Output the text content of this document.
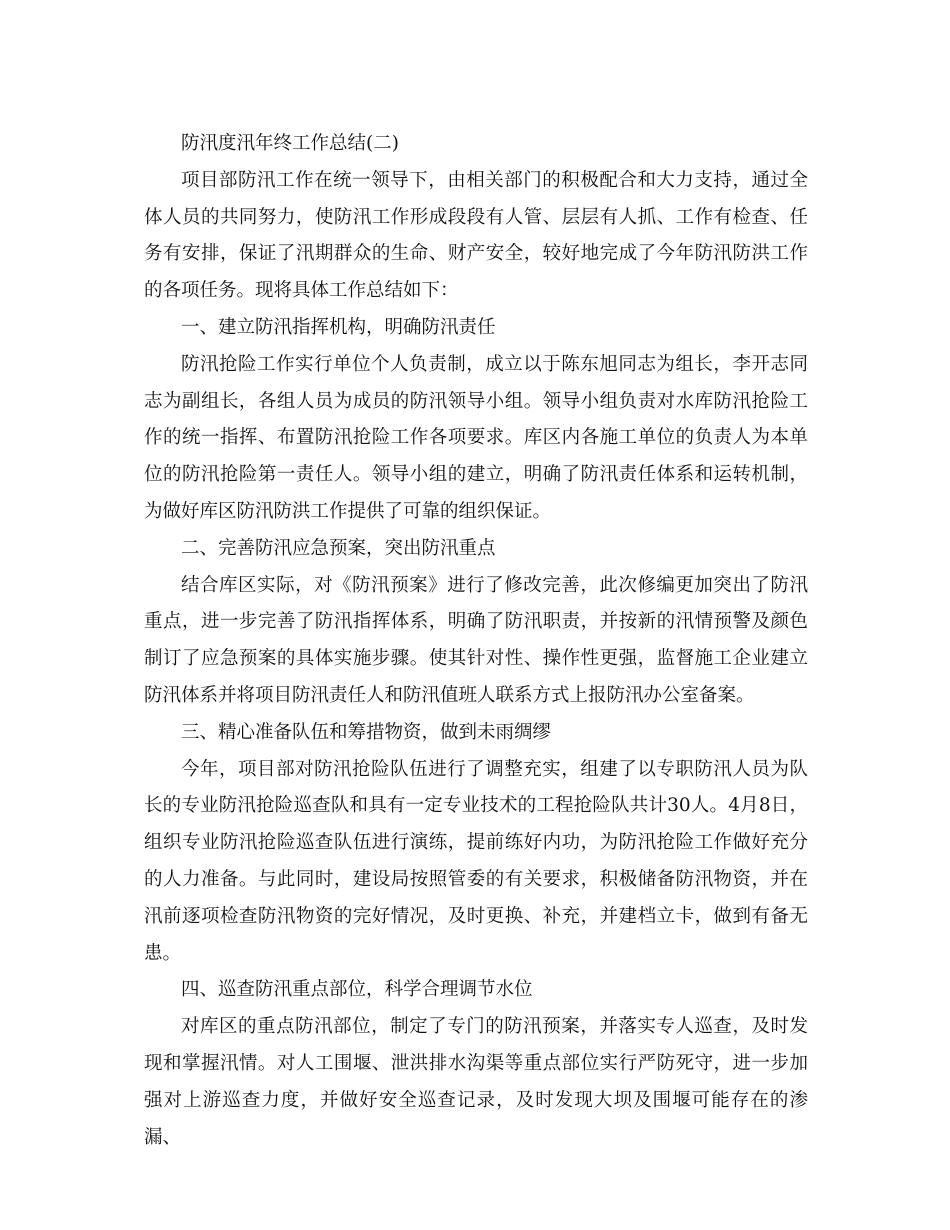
防汛度汛年终工作总结(二)

项目部防汛工作在统一领导下，由相关部门的积极配合和大力支持，通过全体人员的共同努力，使防汛工作形成段段有人管、层层有人抓、工作有检查、任务有安排，保证了汛期群众的生命、财产安全，较好地完成了今年防汛防洪工作的各项任务。现将具体工作总结如下：

一、建立防汛指挥机构，明确防汛责任

防汛抢险工作实行单位个人负责制，成立以于陈东旭同志为组长，李开志同志为副组长，各组人员为成员的防汛领导小组。领导小组负责对水库防汛抢险工作的统一指挥、布置防汛抢险工作各项要求。库区内各施工单位的负责人为本单位的防汛抢险第一责任人。领导小组的建立，明确了防汛责任体系和运转机制，为做好库区防汛防洪工作提供了可靠的组织保证。

二、完善防汛应急预案，突出防汛重点

结合库区实际，对《防汛预案》进行了修改完善，此次修编更加突出了防汛重点，进一步完善了防汛指挥体系，明确了防汛职责，并按新的汛情预警及颜色制订了应急预案的具体实施步骤。使其针对性、操作性更强，监督施工企业建立防汛体系并将项目防汛责任人和防汛值班人联系方式上报防汛办公室备案。

三、精心准备队伍和筹措物资，做到未雨绸缪

今年，项目部对防汛抢险队伍进行了调整充实，组建了以专职防汛人员为队长的专业防汛抢险巡查队和具有一定专业技术的工程抢险队共计30人。4月8日，组织专业防汛抢险巡查队伍进行演练，提前练好内功，为防汛抢险工作做好充分的人力准备。与此同时，建设局按照管委的有关要求，积极储备防汛物资，并在汛前逐项检查防汛物资的完好情况，及时更换、补充，并建档立卡，做到有备无患。

四、巡查防汛重点部位，科学合理调节水位

对库区的重点防汛部位，制定了专门的防汛预案，并落实专人巡查，及时发现和掌握汛情。对人工围堰、泄洪排水沟渠等重点部位实行严防死守，进一步加强对上游巡查力度，并做好安全巡查记录，及时发现大坝及围堰可能存在的渗漏、
